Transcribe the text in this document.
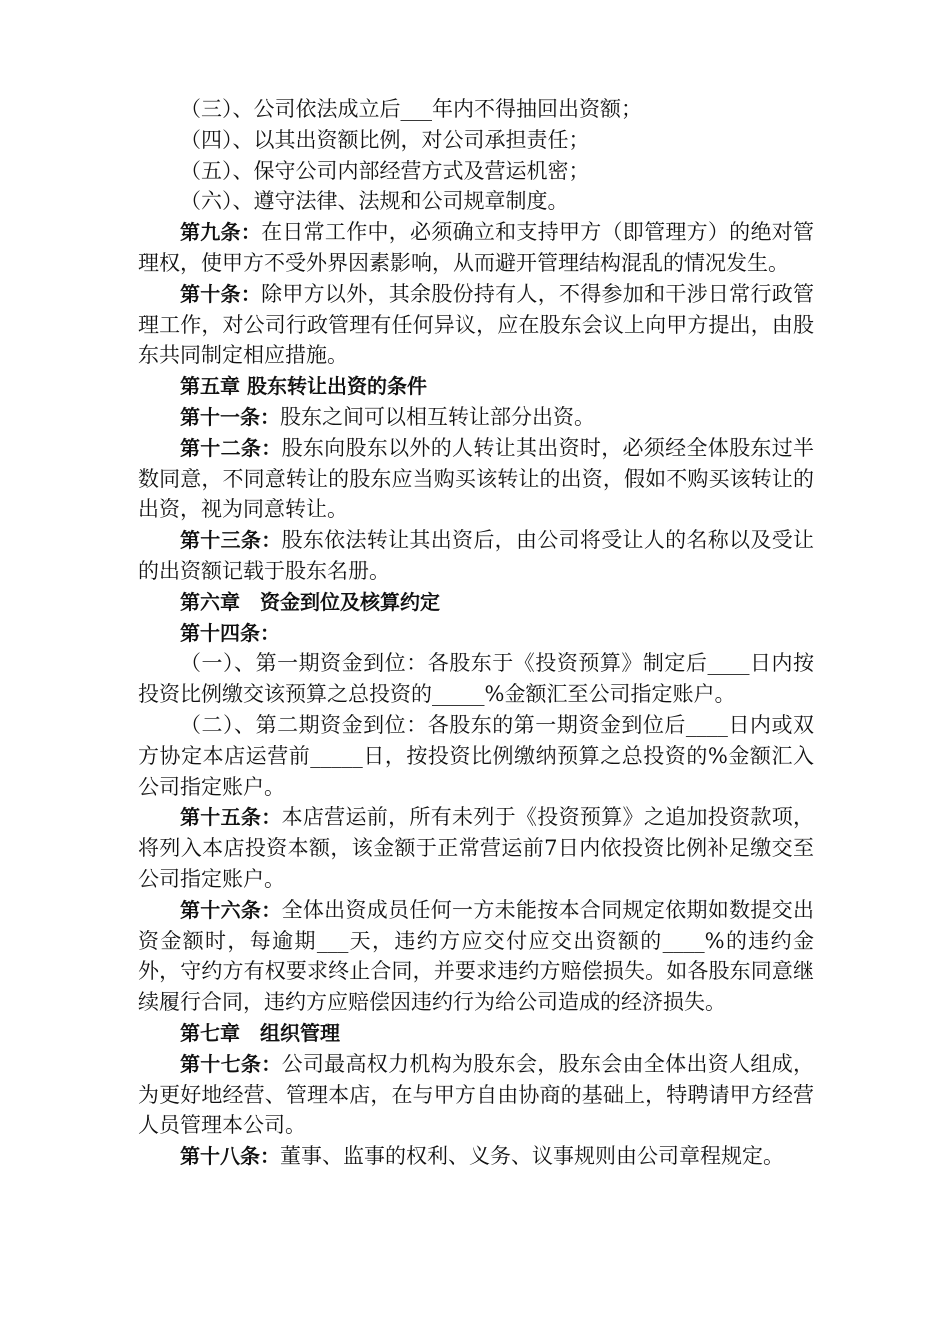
（三）、公司依法成立后___年内不得抽回出资额；

（四）、以其出资额比例，对公司承担责任；

（五）、保守公司内部经营方式及营运机密；

（六）、遵守法律、法规和公司规章制度。

第九条：在日常工作中，必须确立和支持甲方（即管理方）的绝对管理权，使甲方不受外界因素影响，从而避开管理结构混乱的情况发生。

第十条：除甲方以外，其余股份持有人，不得参加和干涉日常行政管理工作，对公司行政管理有任何异议，应在股东会议上向甲方提出，由股东共同制定相应措施。

第五章 股东转让出资的条件

第十一条：股东之间可以相互转让部分出资。

第十二条：股东向股东以外的人转让其出资时，必须经全体股东过半数同意，不同意转让的股东应当购买该转让的出资，假如不购买该转让的出资，视为同意转让。

第十三条：股东依法转让其出资后，由公司将受让人的名称以及受让的出资额记载于股东名册。

第六章　资金到位及核算约定

第十四条：

（一）、第一期资金到位：各股东于《投资预算》制定后____日内按投资比例缴交该预算之总投资的_____%金额汇至公司指定账户。

（二）、第二期资金到位：各股东的第一期资金到位后____日内或双方协定本店运营前_____日，按投资比例缴纳预算之总投资的%金额汇入公司指定账户。

第十五条：本店营运前，所有未列于《投资预算》之追加投资款项，将列入本店投资本额，该金额于正常营运前7日内依投资比例补足缴交至公司指定账户。

第十六条：全体出资成员任何一方未能按本合同规定依期如数提交出资金额时，每逾期___天，违约方应交付应交出资额的____%的违约金外，守约方有权要求终止合同，并要求违约方赔偿损失。如各股东同意继续履行合同，违约方应赔偿因违约行为给公司造成的经济损失。

第七章　组织管理

第十七条：公司最高权力机构为股东会，股东会由全体出资人组成，为更好地经营、管理本店，在与甲方自由协商的基础上，特聘请甲方经营人员管理本公司。

第十八条：董事、监事的权利、义务、议事规则由公司章程规定。
